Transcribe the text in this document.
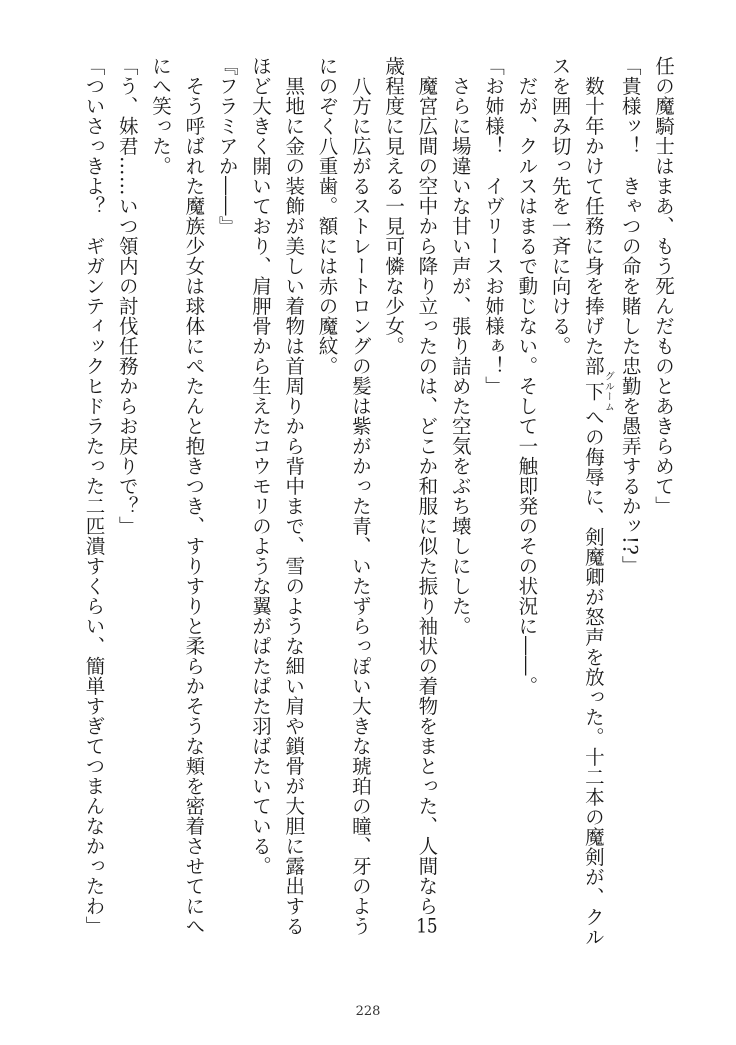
任の魔騎士はまあ、もう死んだものとあきらめて」

「貴様ッ！　きゃつの命を賭した忠勤を愚弄するかッ!?」

　数十年かけて任務に身を捧げた部下グルームへの侮辱に、剣魔卿が怒声を放った。十二本の魔剣が、クル

スを囲み切っ先を一斉に向ける。

　だが、クルスはまるで動じない。そして一触即発のその状況に――。

「お姉様！　イヴリースお姉様ぁ！」

　さらに場違いな甘い声が、張り詰めた空気をぶち壊しにした。

　魔宮広間の空中から降り立ったのは、どこか和服に似た振り袖状の着物をまとった、人間なら15

歳程度に見える一見可憐な少女。

　八方に広がるストレートロングの髪は紫がかった青、いたずらっぽい大きな琥珀の瞳、牙のよう

にのぞく八重歯。額には赤の魔紋。

　黒地に金の装飾が美しい着物は首周りから背中まで、雪のような細い肩や鎖骨が大胆に露出する

ほど大きく開いており、肩胛骨から生えたコウモリのような翼がぱたぱた羽ばたいている。

『フラミアか――』

　そう呼ばれた魔族少女は球体にぺたんと抱きつき、すりすりと柔らかそうな頬を密着させてにへ

にへ笑った。

「う、妹君……いつ領内の討伐任務からお戻りで？」

「ついさっきよ？　ギガンティックヒドラたった二匹潰すくらい、簡単すぎてつまんなかったわ」

228
